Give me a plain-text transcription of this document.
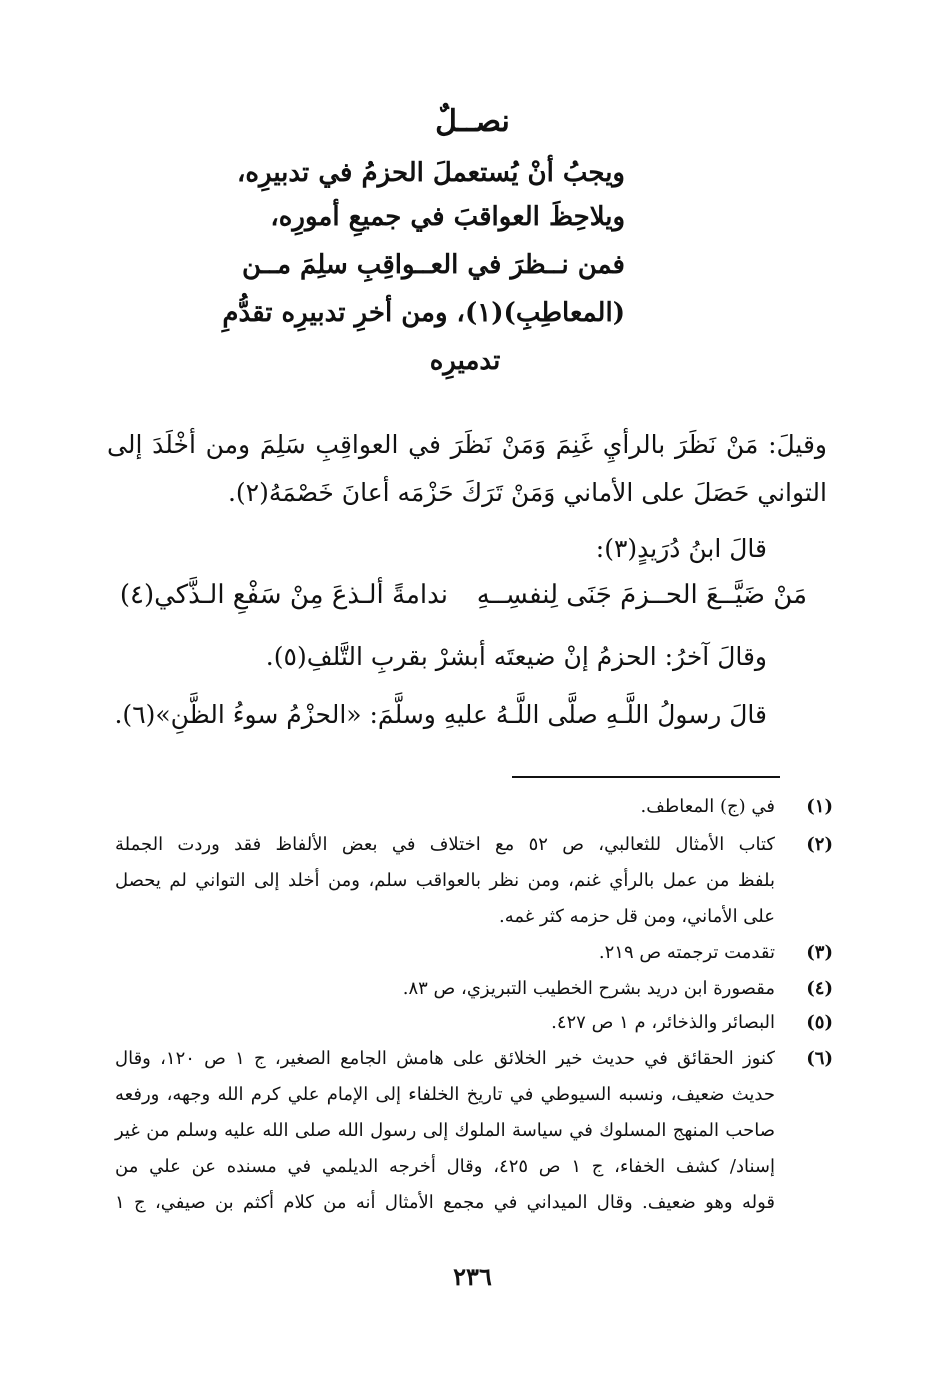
نصــلٌ
ويجبُ أنْ يُستعملَ الحزمُ في تدبيرِه،
ويلاحِظَ العواقبَ في جميعِ أمورِه،
فمن نــظرَ في العــواقِبِ سلِمَ مــن
(المعاطِبِ)(١)، ومن أخرِ تدبيرِه تقدُّمِ
تدميرِه
وقيلَ: مَنْ نَظَرَ بالرأيِ غَنِمَ وَمَنْ نَظَرَ في العواقِبِ سَلِمَ ومن أخْلَدَ إلى
التواني حَصَلَ على الأماني وَمَنْ تَرَكَ حَزْمَه أعانَ خَصْمَهُ(٢).
قالَ ابنُ دُرَيدٍ(٣):
مَنْ ضَيَّــعَ الحــزمَ جَنَى لِنفسِــهِ
ندامةً ألـذعَ مِنْ سَفْعِ الـذَّكي(٤)
وقالَ آخرُ: الحزمُ إنْ ضيعتَه أبشرْ بقربِ التَّلفِ(٥).
قالَ رسولُ اللَّـهِ صلَّى اللَّـهُ عليهِ وسلَّمَ: «الحزْمُ سوءُ الظَّنِ»(٦).
(١)
في (ج) المعاطف.
(٢)
كتاب الأمثال للثعالبي، ص ٥٢ مع اختلاف في بعض الألفاظ فقد وردت الجملة
بلفظ من عمل بالرأي غنم، ومن نظر بالعواقب سلم، ومن أخلد إلى التواني لم يحصل
على الأماني، ومن قل حزمه كثر غمه.
(٣)
تقدمت ترجمته ص ٢١٩.
(٤)
مقصورة ابن دريد بشرح الخطيب التبريزي، ص ٨٣.
(٥)
البصائر والذخائر، م ١ ص ٤٢٧.
(٦)
كنوز الحقائق في حديث خير الخلائق على هامش الجامع الصغير، ج ١ ص ١٢٠، وقال
حديث ضعيف، ونسبه السيوطي في تاريخ الخلفاء إلى الإمام علي كرم الله وجهه، ورفعه
صاحب المنهج المسلوك في سياسة الملوك إلى رسول الله صلى الله عليه وسلم من غير
إسناد/ كشف الخفاء، ج ١ ص ٤٢٥، وقال أخرجه الديلمي في مسنده عن علي من
قوله وهو ضعيف. وقال الميداني في مجمع الأمثال أنه من كلام أكثم بن صيفي، ج ١
٢٣٦
